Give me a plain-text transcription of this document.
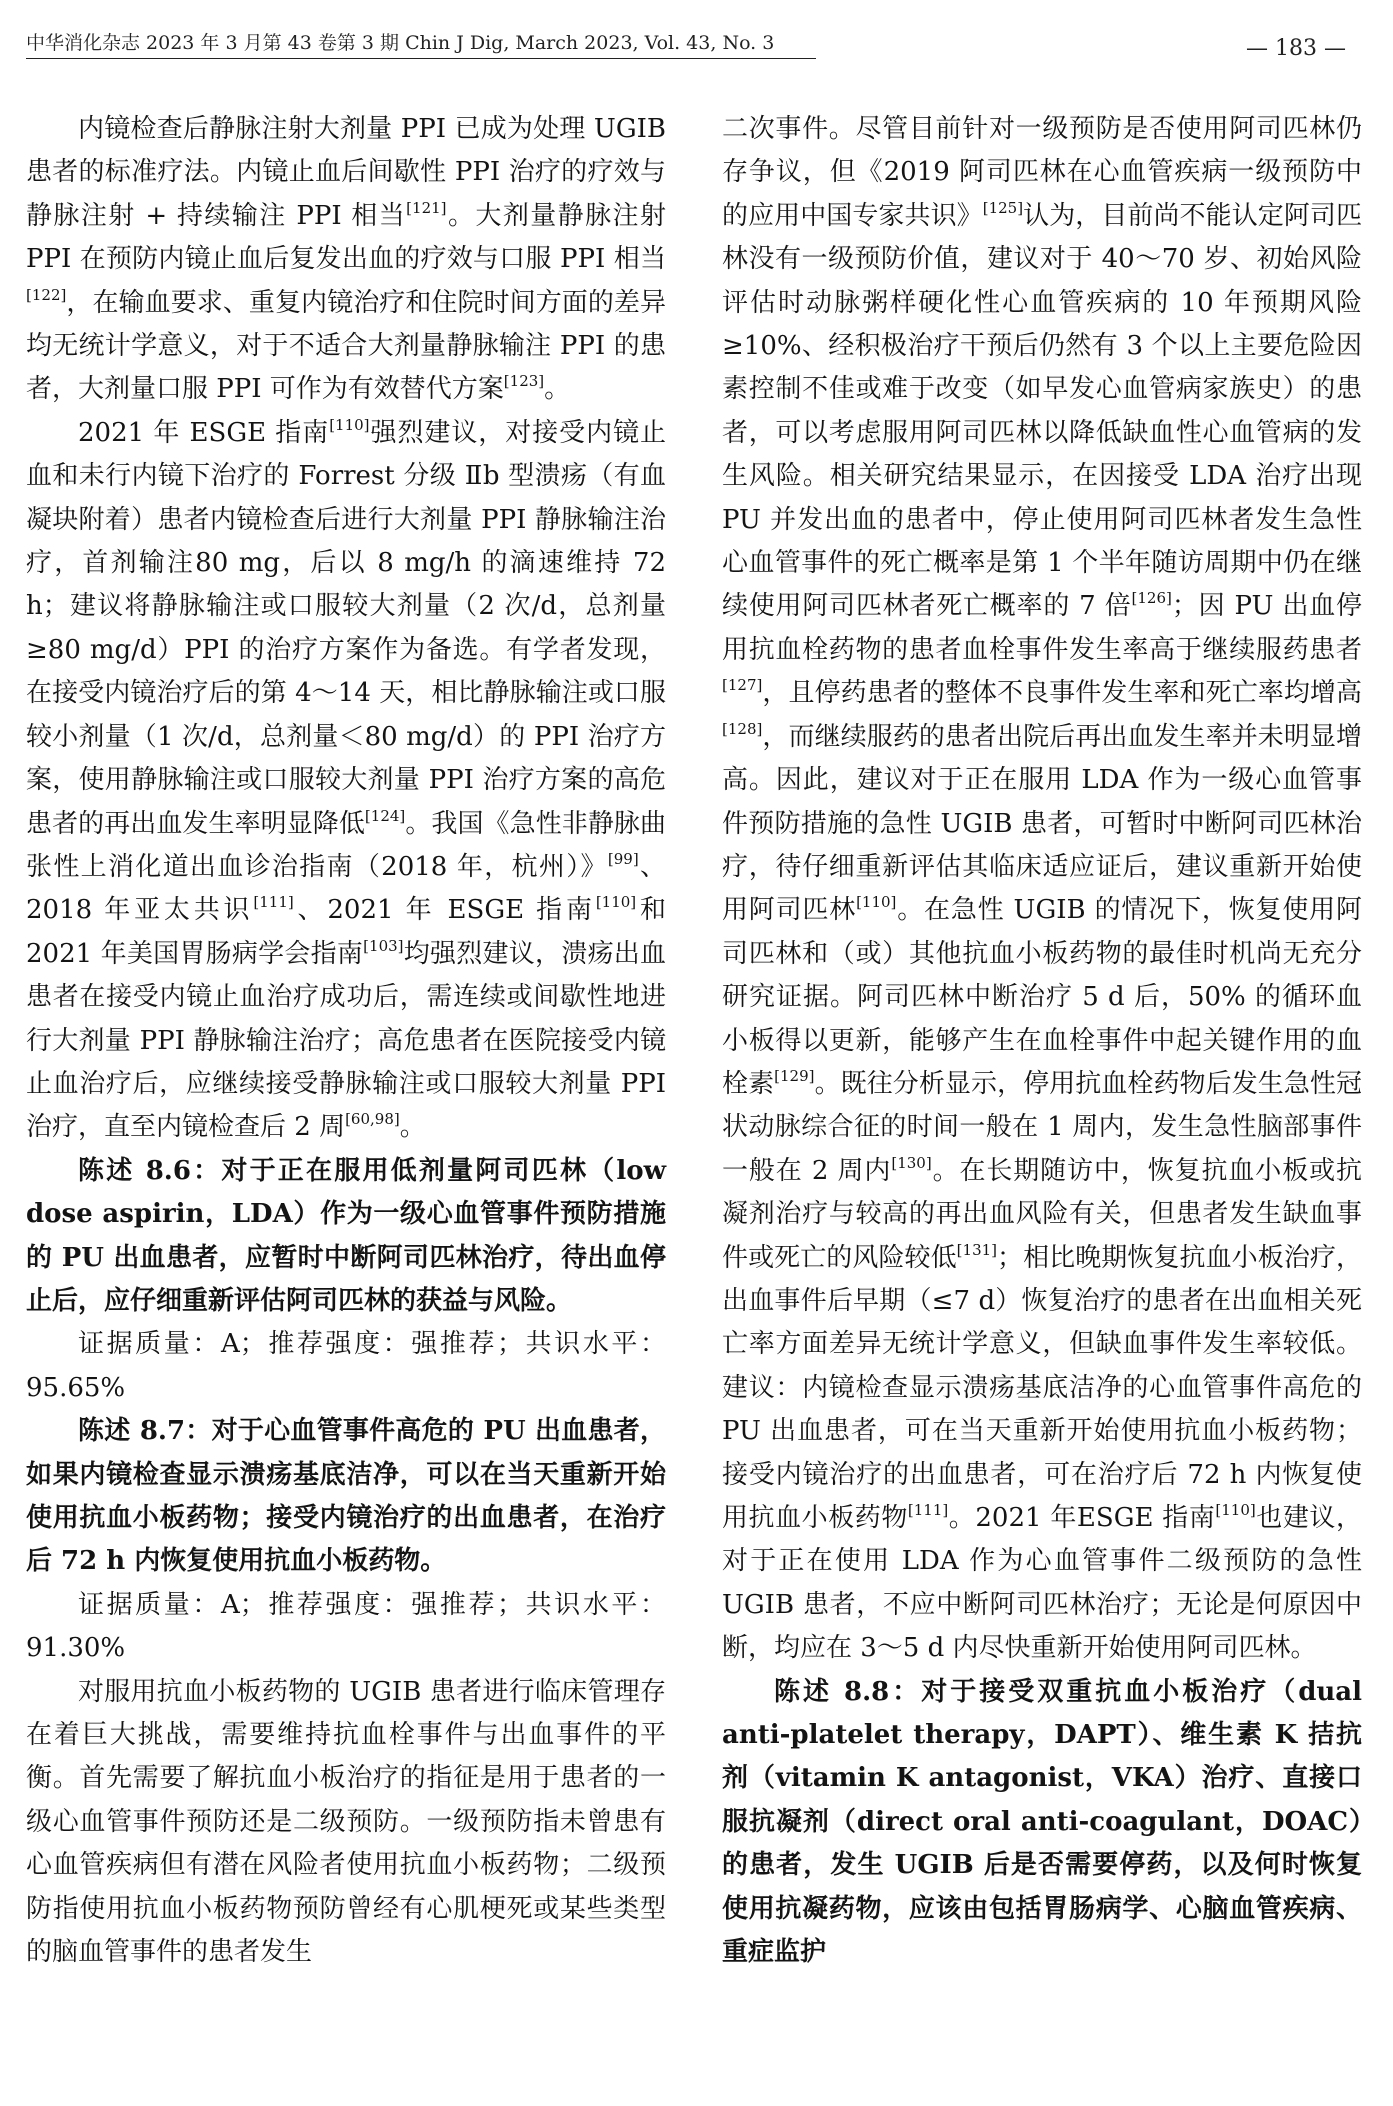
中华消化杂志 2023 年 3 月第 43 卷第 3 期 Chin J Dig, March 2023, Vol. 43, No. 3	— 183 —

内镜检查后静脉注射大剂量 PPI 已成为处理 UGIB 患者的标准疗法。内镜止血后间歇性 PPI 治疗的疗效与静脉注射 + 持续输注 PPI 相当[121]。大剂量静脉注射 PPI 在预防内镜止血后复发出血的疗效与口服 PPI 相当[122]，在输血要求、重复内镜治疗和住院时间方面的差异均无统计学意义，对于不适合大剂量静脉输注 PPI 的患者，大剂量口服 PPI 可作为有效替代方案[123]。

2021 年 ESGE 指南[110]强烈建议，对接受内镜止血和未行内镜下治疗的 Forrest 分级 Ⅱb 型溃疡（有血凝块附着）患者内镜检查后进行大剂量 PPI 静脉输注治疗，首剂输注80 mg，后以 8 mg/h 的滴速维持 72 h；建议将静脉输注或口服较大剂量（2 次/d，总剂量≥80 mg/d）PPI 的治疗方案作为备选。有学者发现，在接受内镜治疗后的第 4～14 天，相比静脉输注或口服较小剂量（1 次/d，总剂量＜80 mg/d）的 PPI 治疗方案，使用静脉输注或口服较大剂量 PPI 治疗方案的高危患者的再出血发生率明显降低[124]。我国《急性非静脉曲张性上消化道出血诊治指南（2018 年，杭州）》[99]、2018 年亚太共识[111]、2021 年 ESGE 指南[110]和 2021 年美国胃肠病学会指南[103]均强烈建议，溃疡出血患者在接受内镜止血治疗成功后，需连续或间歇性地进行大剂量 PPI 静脉输注治疗；高危患者在医院接受内镜止血治疗后，应继续接受静脉输注或口服较大剂量 PPI 治疗，直至内镜检查后 2 周[60,98]。

陈述 8.6：对于正在服用低剂量阿司匹林（low dose aspirin，LDA）作为一级心血管事件预防措施的 PU 出血患者，应暂时中断阿司匹林治疗，待出血停止后，应仔细重新评估阿司匹林的获益与风险。

证据质量：A；推荐强度：强推荐；共识水平：95.65%

陈述 8.7：对于心血管事件高危的 PU 出血患者，如果内镜检查显示溃疡基底洁净，可以在当天重新开始使用抗血小板药物；接受内镜治疗的出血患者，在治疗后 72 h 内恢复使用抗血小板药物。

证据质量：A；推荐强度：强推荐；共识水平：91.30%

对服用抗血小板药物的 UGIB 患者进行临床管理存在着巨大挑战，需要维持抗血栓事件与出血事件的平衡。首先需要了解抗血小板治疗的指征是用于患者的一级心血管事件预防还是二级预防。一级预防指未曾患有心血管疾病但有潜在风险者使用抗血小板药物；二级预防指使用抗血小板药物预防曾经有心肌梗死或某些类型的脑血管事件的患者发生

二次事件。尽管目前针对一级预防是否使用阿司匹林仍存争议，但《2019 阿司匹林在心血管疾病一级预防中的应用中国专家共识》[125]认为，目前尚不能认定阿司匹林没有一级预防价值，建议对于 40～70 岁、初始风险评估时动脉粥样硬化性心血管疾病的 10 年预期风险≥10%、经积极治疗干预后仍然有 3 个以上主要危险因素控制不佳或难于改变（如早发心血管病家族史）的患者，可以考虑服用阿司匹林以降低缺血性心血管病的发生风险。相关研究结果显示，在因接受 LDA 治疗出现 PU 并发出血的患者中，停止使用阿司匹林者发生急性心血管事件的死亡概率是第 1 个半年随访周期中仍在继续使用阿司匹林者死亡概率的 7 倍[126]；因 PU 出血停用抗血栓药物的患者血栓事件发生率高于继续服药患者[127]，且停药患者的整体不良事件发生率和死亡率均增高[128]，而继续服药的患者出院后再出血发生率并未明显增高。因此，建议对于正在服用 LDA 作为一级心血管事件预防措施的急性 UGIB 患者，可暂时中断阿司匹林治疗，待仔细重新评估其临床适应证后，建议重新开始使用阿司匹林[110]。在急性 UGIB 的情况下，恢复使用阿司匹林和（或）其他抗血小板药物的最佳时机尚无充分研究证据。阿司匹林中断治疗 5 d 后，50% 的循环血小板得以更新，能够产生在血栓事件中起关键作用的血栓素[129]。既往分析显示，停用抗血栓药物后发生急性冠状动脉综合征的时间一般在 1 周内，发生急性脑部事件一般在 2 周内[130]。在长期随访中，恢复抗血小板或抗凝剂治疗与较高的再出血风险有关，但患者发生缺血事件或死亡的风险较低[131]；相比晚期恢复抗血小板治疗，出血事件后早期（≤7 d）恢复治疗的患者在出血相关死亡率方面差异无统计学意义，但缺血事件发生率较低。建议：内镜检查显示溃疡基底洁净的心血管事件高危的 PU 出血患者，可在当天重新开始使用抗血小板药物；接受内镜治疗的出血患者，可在治疗后 72 h 内恢复使用抗血小板药物[111]。2021 年ESGE 指南[110]也建议，对于正在使用 LDA 作为心血管事件二级预防的急性 UGIB 患者，不应中断阿司匹林治疗；无论是何原因中断，均应在 3～5 d 内尽快重新开始使用阿司匹林。

陈述 8.8：对于接受双重抗血小板治疗（dual anti-platelet therapy，DAPT）、维生素 K 拮抗剂（vitamin K antagonist，VKA）治疗、直接口服抗凝剂（direct oral anti-coagulant，DOAC）的患者，发生 UGIB 后是否需要停药，以及何时恢复使用抗凝药物，应该由包括胃肠病学、心脑血管疾病、重症监护
